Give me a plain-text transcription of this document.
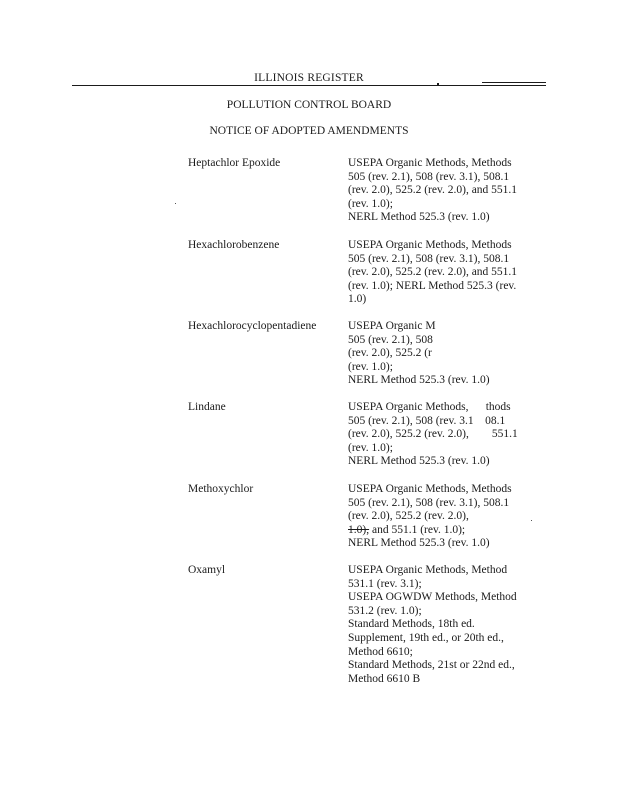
ILLINOIS REGISTER
POLLUTION CONTROL BOARD
NOTICE OF ADOPTED AMENDMENTS
Heptachlor Epoxide	USEPA Organic Methods, Methods
505 (rev. 2.1), 508 (rev. 3.1), 508.1
(rev. 2.0), 525.2 (rev. 2.0), and 551.1
(rev. 1.0);
NERL Method 525.3 (rev. 1.0)
Hexachlorobenzene	USEPA Organic Methods, Methods
505 (rev. 2.1), 508 (rev. 3.1), 508.1
(rev. 2.0), 525.2 (rev. 2.0), and 551.1
(rev. 1.0); NERL Method 525.3 (rev.
1.0)
Hexachlorocyclopentadiene	USEPA Organic M
505 (rev. 2.1), 508
(rev. 2.0), 525.2 (r
(rev. 1.0);
NERL Method 525.3 (rev. 1.0)
Lindane	USEPA Organic Methods,      thods
505 (rev. 2.1), 508 (rev. 3.1    08.1
(rev. 2.0), 525.2 (rev. 2.0),        551.1
(rev. 1.0);
NERL Method 525.3 (rev. 1.0)
Methoxychlor	USEPA Organic Methods, Methods
505 (rev. 2.1), 508 (rev. 3.1), 508.1
(rev. 2.0), 525.2 (rev. 2.0),
1.0), and 551.1 (rev. 1.0);
NERL Method 525.3 (rev. 1.0)
Oxamyl	USEPA Organic Methods, Method
531.1 (rev. 3.1);
USEPA OGWDW Methods, Method
531.2 (rev. 1.0);
Standard Methods, 18th ed.
Supplement, 19th ed., or 20th ed.,
Method 6610;
Standard Methods, 21st or 22nd ed.,
Method 6610 B
